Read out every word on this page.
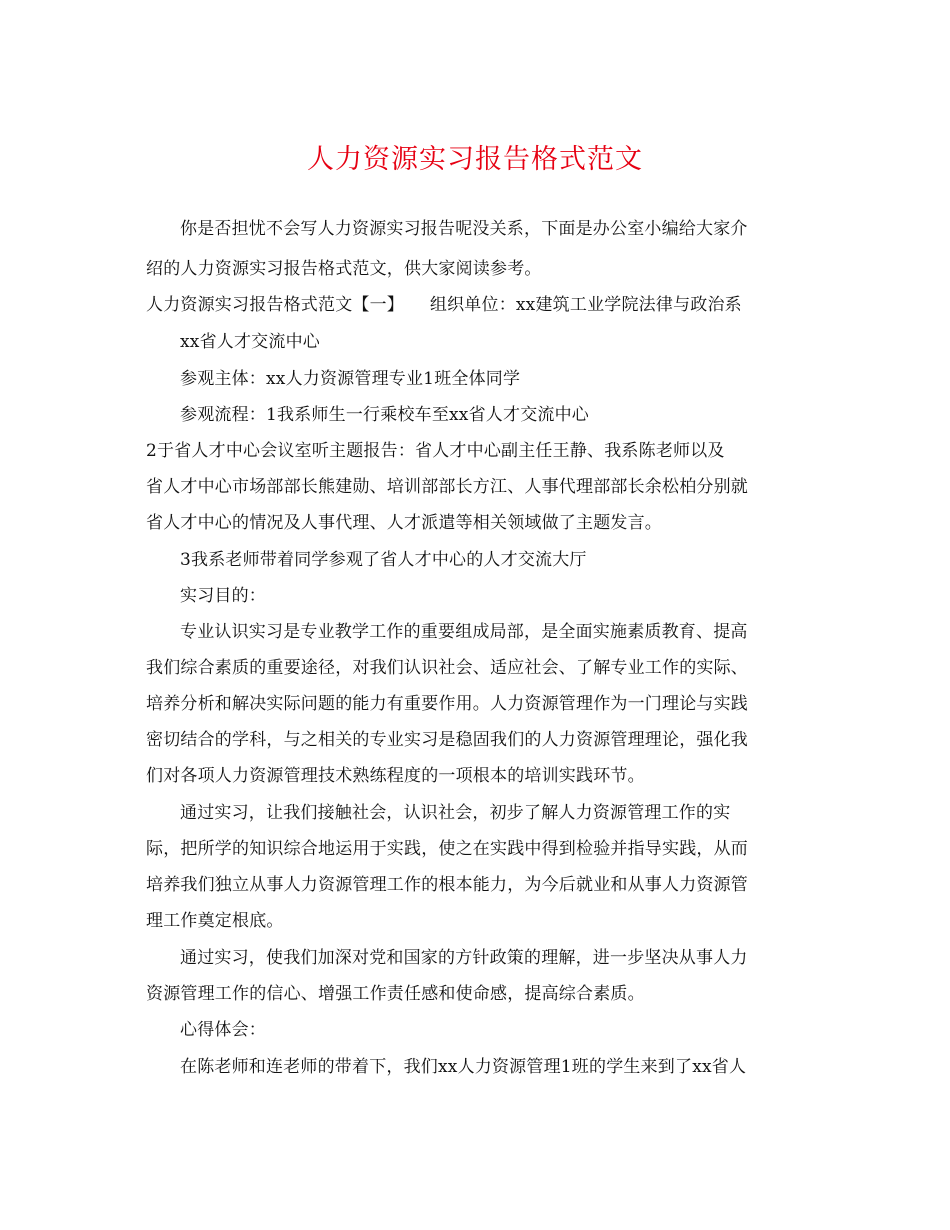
人力资源实习报告格式范文
你是否担忧不会写人力资源实习报告呢没关系，下面是办公室小编给大家介
绍的人力资源实习报告格式范文，供大家阅读参考。
人力资源实习报告格式范文【一】　　组织单位：xx建筑工业学院法律与政治系
xx省人才交流中心
参观主体：xx人力资源管理专业1班全体同学
参观流程：1我系师生一行乘校车至xx省人才交流中心
2于省人才中心会议室听主题报告：省人才中心副主任王静、我系陈老师以及
省人才中心市场部部长熊建勋、培训部部长方江、人事代理部部长余松柏分别就
省人才中心的情况及人事代理、人才派遣等相关领域做了主题发言。
3我系老师带着同学参观了省人才中心的人才交流大厅
实习目的：
专业认识实习是专业教学工作的重要组成局部，是全面实施素质教育、提高
我们综合素质的重要途径，对我们认识社会、适应社会、了解专业工作的实际、
培养分析和解决实际问题的能力有重要作用。人力资源管理作为一门理论与实践
密切结合的学科，与之相关的专业实习是稳固我们的人力资源管理理论，强化我
们对各项人力资源管理技术熟练程度的一项根本的培训实践环节。
通过实习，让我们接触社会，认识社会，初步了解人力资源管理工作的实
际，把所学的知识综合地运用于实践，使之在实践中得到检验并指导实践，从而
培养我们独立从事人力资源管理工作的根本能力，为今后就业和从事人力资源管
理工作奠定根底。
通过实习，使我们加深对党和国家的方针政策的理解，进一步坚决从事人力
资源管理工作的信心、增强工作责任感和使命感，提高综合素质。
心得体会：
在陈老师和连老师的带着下，我们xx人力资源管理1班的学生来到了xx省人
